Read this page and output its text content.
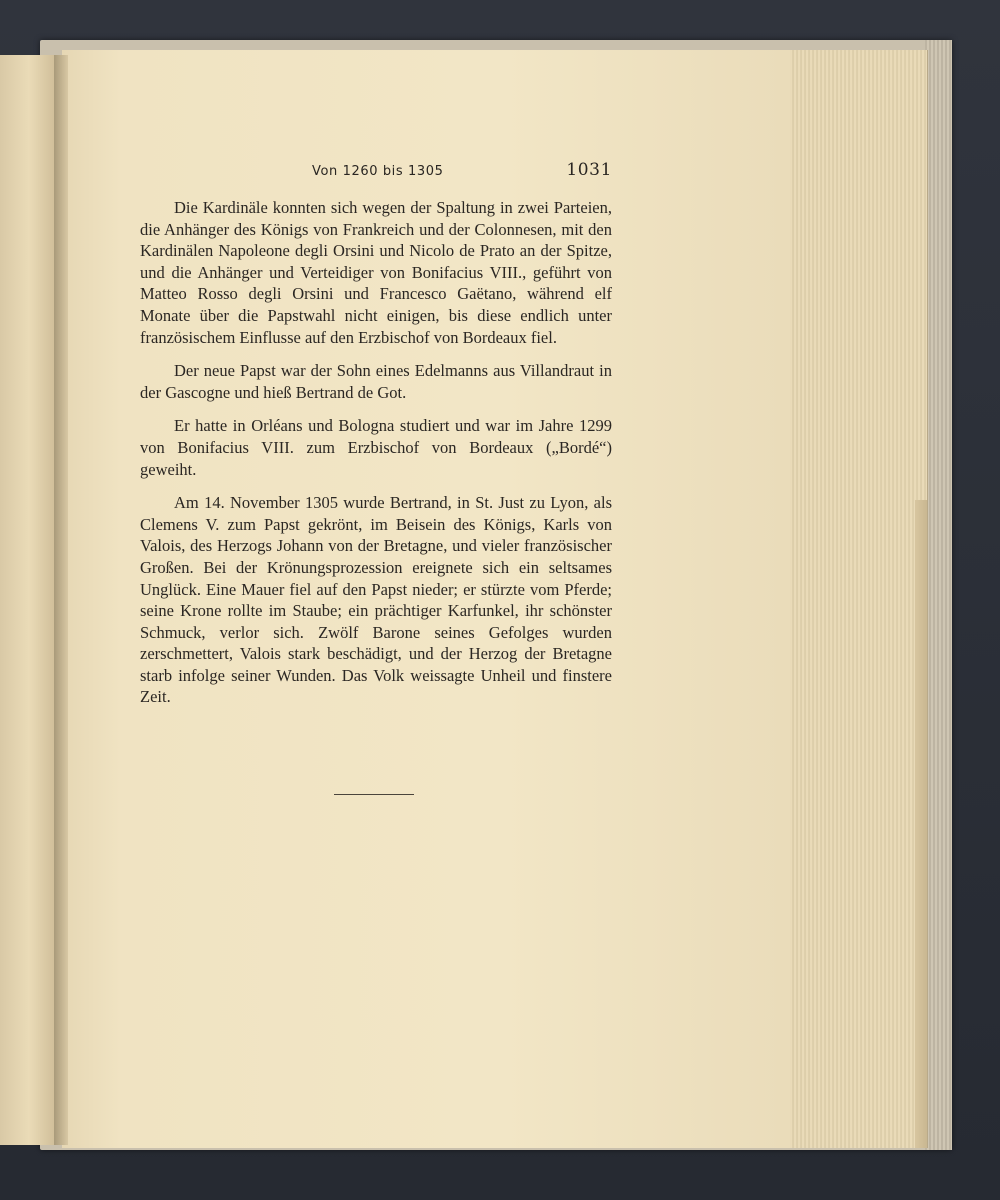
Von 1260 bis 1305	1031

Die Kardinäle konnten sich wegen der Spaltung in zwei Parteien, die Anhänger des Königs von Frankreich und der Colonnesen, mit den Kardinälen Napoleone degli Orsini und Nicolo de Prato an der Spitze, und die Anhänger und Verteidiger von Bonifacius VIII., geführt von Matteo Rosso degli Orsini und Francesco Gaëtano, während elf Monate über die Papstwahl nicht einigen, bis diese endlich unter französischem Einflusse auf den Erzbischof von Bordeaux fiel.

Der neue Papst war der Sohn eines Edelmanns aus Villandraut in der Gascogne und hieß Bertrand de Got.

Er hatte in Orléans und Bologna studiert und war im Jahre 1299 von Bonifacius VIII. zum Erzbischof von Bordeaux („Bordé“) geweiht.

Am 14. November 1305 wurde Bertrand, in St. Just zu Lyon, als Clemens V. zum Papst gekrönt, im Beisein des Königs, Karls von Valois, des Herzogs Johann von der Bretagne, und vieler französischer Großen. Bei der Krönungsprozession ereignete sich ein seltsames Unglück. Eine Mauer fiel auf den Papst nieder; er stürzte vom Pferde; seine Krone rollte im Staube; ein prächtiger Karfunkel, ihr schönster Schmuck, verlor sich. Zwölf Barone seines Gefolges wurden zerschmettert, Valois stark beschädigt, und der Herzog der Bretagne starb infolge seiner Wunden. Das Volk weissagte Unheil und finstere Zeit.
